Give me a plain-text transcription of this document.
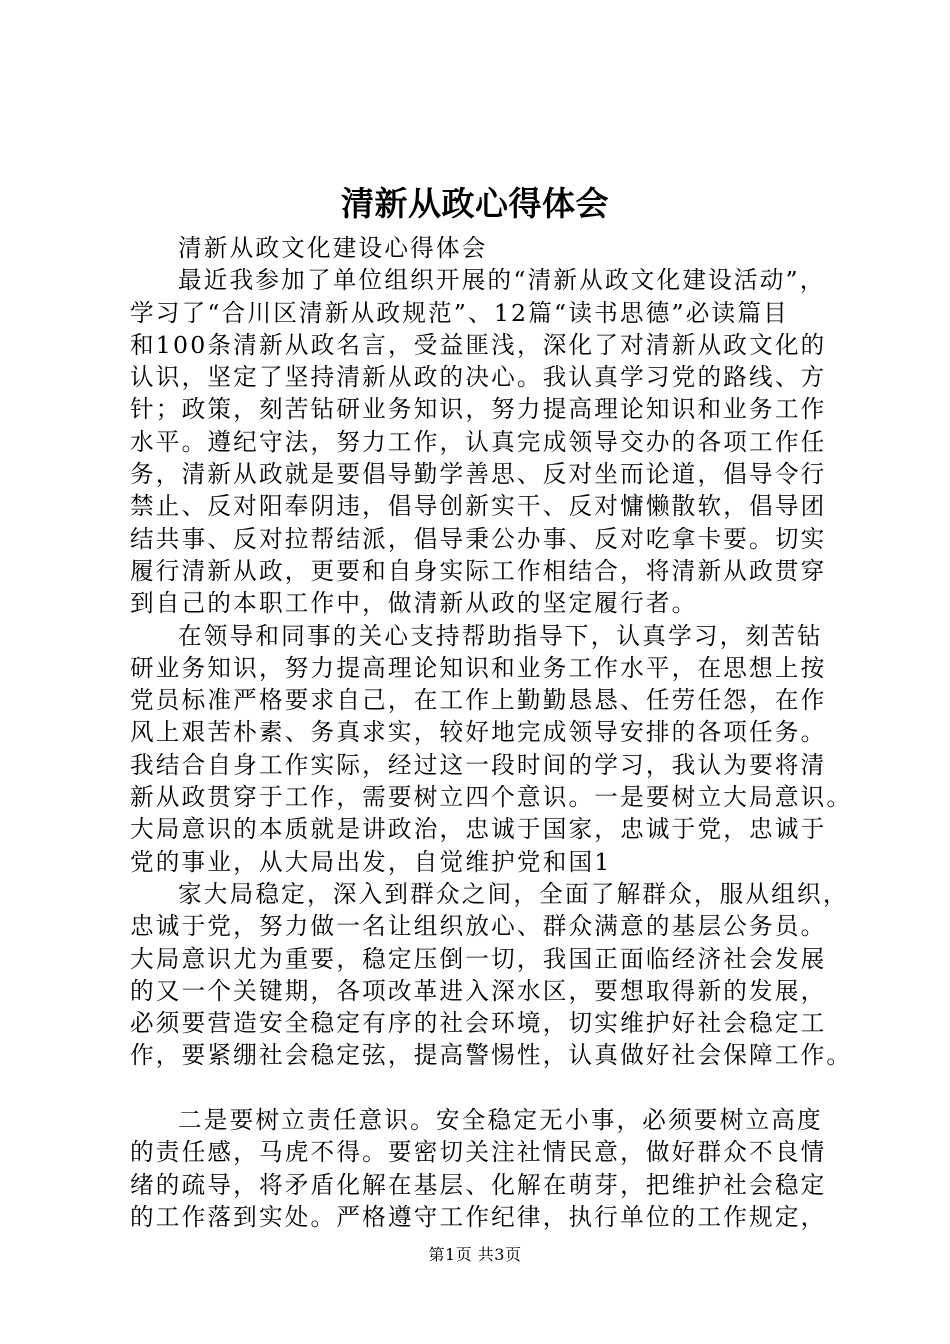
清新从政心得体会
清新从政文化建设心得体会
最近我参加了单位组织开展的“清新从政文化建设活动”，
学习了“合川区清新从政规范”、12篇“读书思德”必读篇目
和100条清新从政名言，受益匪浅，深化了对清新从政文化的
认识，坚定了坚持清新从政的决心。我认真学习党的路线、方
针；政策，刻苦钻研业务知识，努力提高理论知识和业务工作
水平。遵纪守法，努力工作，认真完成领导交办的各项工作任
务，清新从政就是要倡导勤学善思、反对坐而论道，倡导令行
禁止、反对阳奉阴违，倡导创新实干、反对慵懒散软，倡导团
结共事、反对拉帮结派，倡导秉公办事、反对吃拿卡要。切实
履行清新从政，更要和自身实际工作相结合，将清新从政贯穿
到自己的本职工作中，做清新从政的坚定履行者。
在领导和同事的关心支持帮助指导下，认真学习，刻苦钻
研业务知识，努力提高理论知识和业务工作水平，在思想上按
党员标准严格要求自己，在工作上勤勤恳恳、任劳任怨，在作
风上艰苦朴素、务真求实，较好地完成领导安排的各项任务。
我结合自身工作实际，经过这一段时间的学习，我认为要将清
新从政贯穿于工作，需要树立四个意识。一是要树立大局意识。
大局意识的本质就是讲政治，忠诚于国家，忠诚于党，忠诚于
党的事业，从大局出发，自觉维护党和国1
家大局稳定，深入到群众之间，全面了解群众，服从组织，
忠诚于党，努力做一名让组织放心、群众满意的基层公务员。
大局意识尤为重要，稳定压倒一切，我国正面临经济社会发展
的又一个关键期，各项改革进入深水区，要想取得新的发展，
必须要营造安全稳定有序的社会环境，切实维护好社会稳定工
作，要紧绷社会稳定弦，提高警惕性，认真做好社会保障工作。
二是要树立责任意识。安全稳定无小事，必须要树立高度
的责任感，马虎不得。要密切关注社情民意，做好群众不良情
绪的疏导，将矛盾化解在基层、化解在萌芽，把维护社会稳定
的工作落到实处。严格遵守工作纪律，执行单位的工作规定，
第1页 共3页
